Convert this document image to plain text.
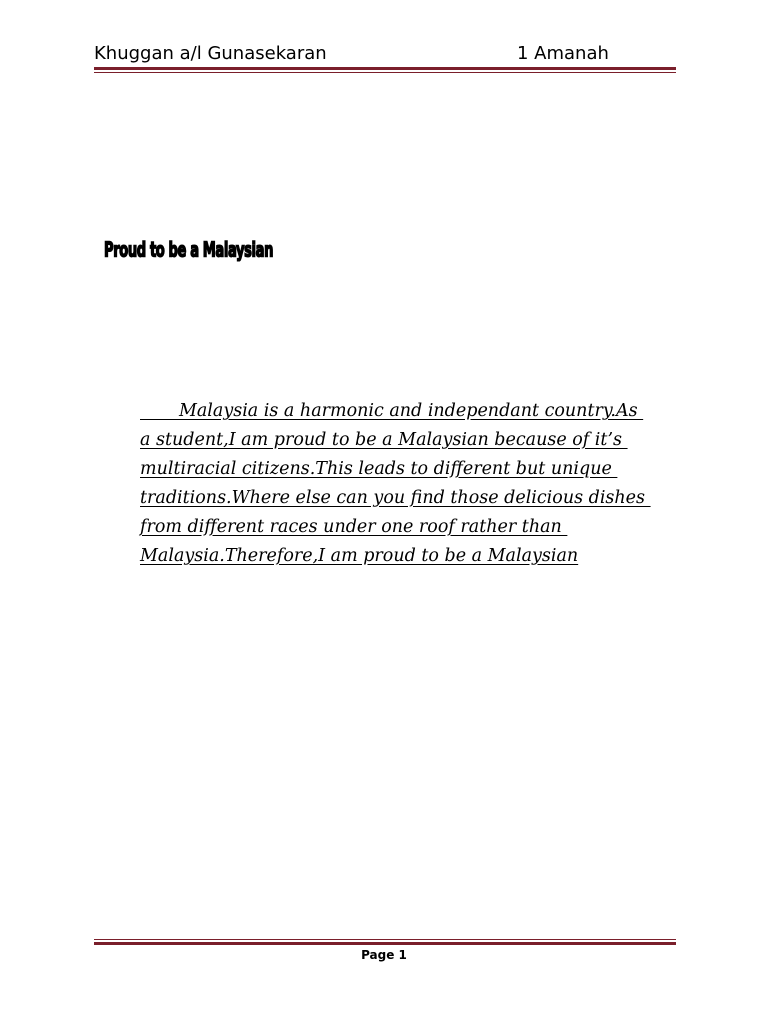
Khuggan a/l Gunasekaran	1 Amanah
Proud to be a Malaysian
Malaysia is a harmonic and independant country.As
a student,I am proud to be a Malaysian because of it’s
multiracial citizens.This leads to different but unique
traditions.Where else can you find those delicious dishes
from different races under one roof rather than
Malaysia.Therefore,I am proud to be a Malaysian
Page 1
